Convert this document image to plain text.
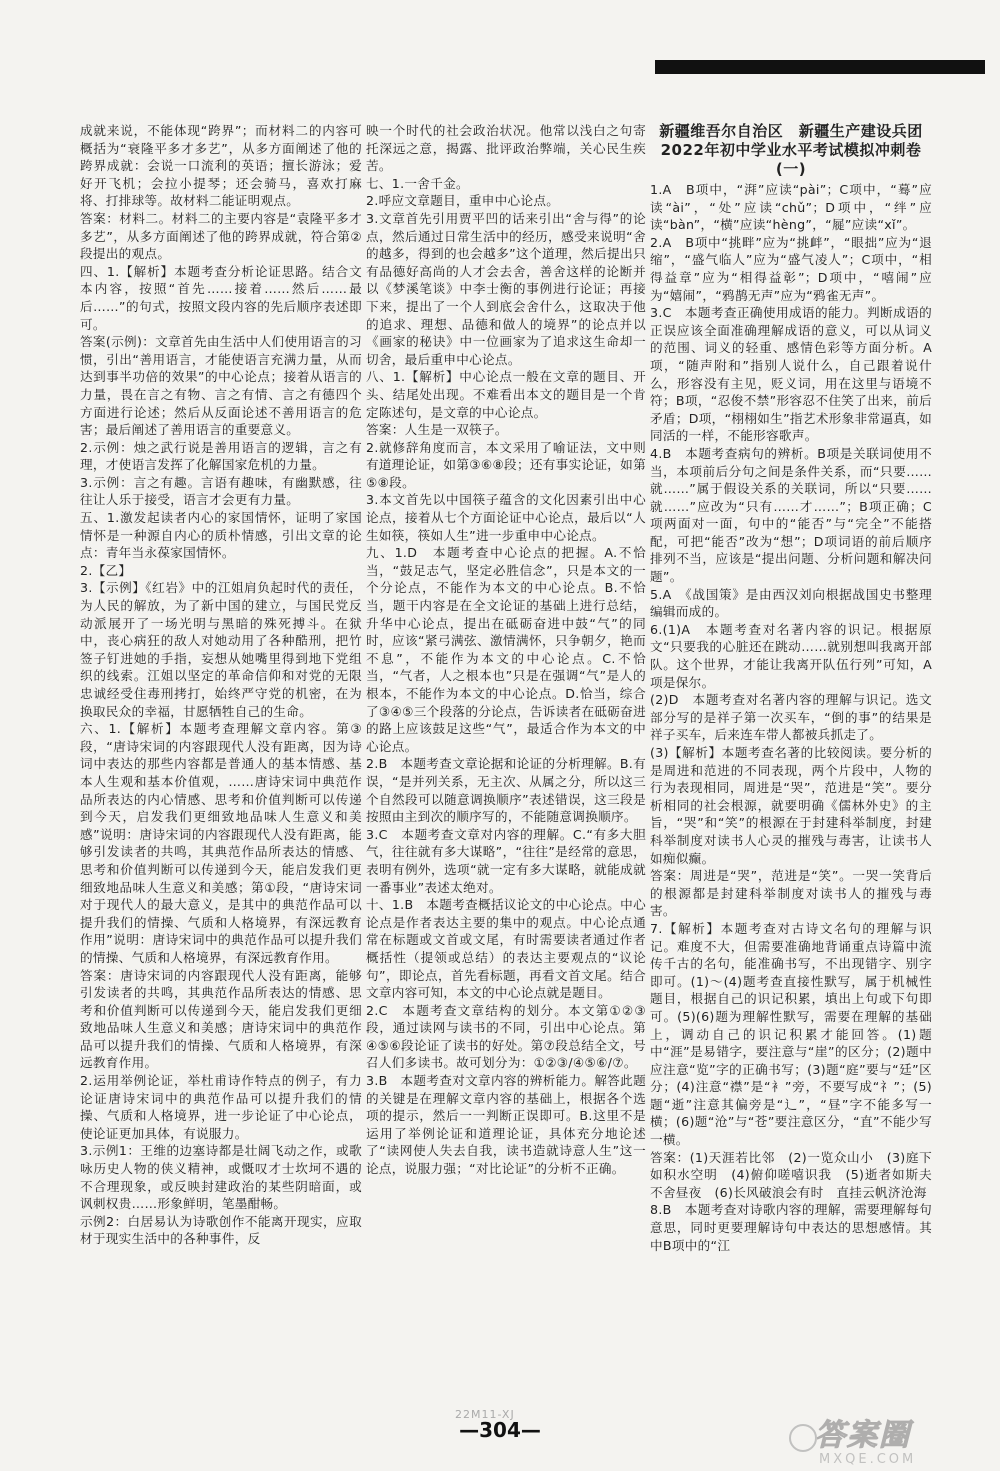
成就来说，不能体现“跨界”；而材料二的内容可概括为“衰隆平多才多艺”，从多方面阐述了他的跨界成就：会说一口流利的英语；擅长游泳；爱好开飞机；会拉小提琴；还会骑马，喜欢打麻将、打排球等。故材料二能证明观点。

答案：材料二。材料二的主要内容是“袁隆平多才多艺”，从多方面阐述了他的跨界成就，符合第②段提出的观点。

四、1.【解析】本题考查分析论证思路。结合文本内容，按照“首先……接着……然后……最后……”的句式，按照文段内容的先后顺序表述即可。

答案(示例)：文章首先由生活中人们使用语言的习惯，引出“善用语言，才能使语言充满力量，从而达到事半功倍的效果”的中心论点；接着从语言的力量，畏在言之有物、言之有情、言之有德四个方面进行论述；然后从反面论述不善用语言的危害；最后阐述了善用语言的重要意义。

2.示例：烛之武行说是善用语言的逻辑，言之有理，才使语言发挥了化解国家危机的力量。

3.示例：言之有趣。言语有趣味，有幽默感，往往让人乐于接受，语言才会更有力量。

五、1.激发起读者内心的家国情怀，证明了家国情怀是一种源自内心的质朴情感，引出文章的论点：青年当永葆家国情怀。

2.【乙】

3.【示例】《红岩》中的江姐肩负起时代的责任，为人民的解放，为了新中国的建立，与国民党反动派展开了一场光明与黑暗的殊死搏斗。在狱中，丧心病狂的敌人对她动用了各种酷刑，把竹签子钉进她的手指，妄想从她嘴里得到地下党组织的线索。江姐以坚定的革命信仰和对党的无限忠诚经受住毒刑拷打，始终严守党的机密，在为换取民众的幸福，甘愿牺牲自己的生命。

六、1.【解析】本题考查理解文章内容。第③段，“唐诗宋词的内容跟现代人没有距离，因为诗词中表达的那些内容都是普通人的基本情感、基本人生观和基本价值观，……唐诗宋词中典范作品所表达的内心情感、思考和价值判断可以传递到今天，启发我们更细致地品味人生意义和美感”说明：唐诗宋词的内容跟现代人没有距离，能够引发读者的共鸣，其典范作品所表达的情感、思考和价值判断可以传递到今天，能启发我们更细致地品味人生意义和美感；第①段，“唐诗宋词对于现代人的最大意义，是其中的典范作品可以提升我们的情操、气质和人格境界，有深远教育作用”说明：唐诗宋词中的典范作品可以提升我们的情操、气质和人格境界，有深远教育作用。

答案：唐诗宋词的内容跟现代人没有距离，能够引发读者的共鸣，其典范作品所表达的情感、思考和价值判断可以传递到今天，能启发我们更细致地品味人生意义和美感；唐诗宋词中的典范作品可以提升我们的情操、气质和人格境界，有深远教育作用。

2.运用举例论证，举杜甫诗作特点的例子，有力论证唐诗宋词中的典范作品可以提升我们的情操、气质和人格境界，进一步论证了中心论点，使论证更加具体，有说服力。

3.示例1：王维的边塞诗都是壮阔飞动之作，或歌咏历史人物的侠义精神，或慨叹才士坎坷不遇的不合理现象，或反映封建政治的某些阴暗面，或讽刺权贵……形象鲜明，笔墨酣畅。

示例2：白居易认为诗歌创作不能离开现实，应取材于现实生活中的各种事件，反

映一个时代的社会政治状况。他常以浅白之句寄托深远之意，揭露、批评政治弊端，关心民生疾苦。

七、1.一舍千金。

2.呼应文章题目，重申中心论点。

3.文章首先引用贾平凹的话来引出“舍与得”的论点，然后通过日常生活中的经历，感受来说明“舍的越多，得到的也会越多”这个道理，然后提出只有品德好高尚的人才会去舍，善舍这样的论断并以《梦溪笔谈》中李士衡的事例进行论证；再接下来，提出了一个人到底会舍什么，这取决于他的追求、理想、品德和做人的境界”的论点并以《画家的秘诀》中一位画家为了追求这生命却一切舍，最后重申中心论点。

八、1.【解析】中心论点一般在文章的题目、开头、结尾处出现。不难看出本文的题目是一个肯定陈述句，是文章的中心论点。

答案：人生是一双筷子。

2.就修辞角度而言，本文采用了喻证法，文中则有道理论证，如第③⑥⑧段；还有事实论证，如第⑤⑧段。

3.本文首先以中国筷子蕴含的文化因素引出中心论点，接着从七个方面论证中心论点，最后以“人生如筷，筷如人生”进一步重申中心论点。

九、1.D　本题考查中心论点的把握。A.不恰当，“鼓足志气，坚定必胜信念”，只是本文的一个分论点，不能作为本文的中心论点。B.不恰当，题干内容是在全文论证的基础上进行总结，升华中心论点，提出在砥砺奋进中鼓“气”的同时，应该“紧弓满弦、激情满怀，只争朝夕，艳而不息”，不能作为本文的中心论点。C.不恰当，“气者，人之根本也”只是在强调“气”是人的根本，不能作为本文的中心论点。D.恰当，综合了③④⑤三个段落的分论点，告诉读者在砥砺奋进的路上应该鼓足这些“气”，最适合作为本文的中心论点。

2.B　本题考查文章论据和论证的分析理解。B.有误，“是并列关系，无主次、从属之分，所以这三个自然段可以随意调换顺序”表述错误，这三段是按照由主到次的顺序写的，不能随意调换顺序。

3.C　本题考查文章对内容的理解。C.“有多大胆气，往往就有多大谋略”，“往往”是经常的意思，表明有例外，选项“就一定有多大谋略，就能成就一番事业”表述太绝对。

十、1.B　本题考查概括议论文的中心论点。中心论点是作者表达主要的集中的观点。中心论点通常在标题或文首或文尾，有时需要读者通过作者概括性（提领或总结）的表达主要观点的“议论句”，即论点，首先看标题，再看文首文尾。结合文章内容可知，本文的中心论点就是题目。

2.C　本题考查文章结构的划分。本文第①②③段，通过读网与读书的不同，引出中心论点。第④⑤⑥段论证了读书的好处。第⑦段总结全文，号召人们多读书。故可划分为：①②③/④⑤⑥/⑦。

3.B　本题考查对文章内容的辨析能力。解答此题的关键是在理解文章内容的基础上，根据各个选项的提示，然后一一判断正误即可。B.这里不是运用了举例论证和道理论证，具体充分地论述了“读网使人失去自我，读书造就诗意人生”这一论点，说服力强；“对比论证”的分析不正确。

新疆维吾尔自治区　新疆生产建设兵团2022年初中学业水平考试模拟冲刺卷(一)

1.A　B项中，“湃”应读“pài”；C项中，“蓦”应读“ài”，“处”应读“chǔ”；D项中，“绊”应读“bàn”，“横”应读“hèng”，“屣”应读“xǐ”。

2.A　B项中“挑畔”应为“挑衅”，“眼拙”应为“退缩”，“盛气临人”应为“盛气凌人”；C项中，“相得益章”应为“相得益彰”；D项中，“嘻闹”应为“嬉闹”，“鸦鹊无声”应为“鸦雀无声”。

3.C　本题考查正确使用成语的能力。判断成语的正误应该全面准确理解成语的意义，可以从词义的范围、词义的轻重、感情色彩等方面分析。A项，“随声附和”指别人说什么，自己跟着说什么，形容没有主见，贬义词，用在这里与语境不符；B项，“忍俊不禁”形容忍不住笑了出来，前后矛盾；D项，“栩栩如生”指艺术形象非常逼真，如同活的一样，不能形容歌声。

4.B　本题考查病句的辨析。B项是关联词使用不当，本项前后分句之间是条件关系，而“只要……就……”属于假设关系的关联词，所以“只要……就……”应改为“只有……才……”；B项正确；C项两面对一面，句中的“能否”与“完全”不能搭配，可把“能否”改为“想”；D项词语的前后顺序排列不当，应该是“提出问题、分析问题和解决问题”。

5.A　《战国策》是由西汉刘向根据战国史书整理编辑而成的。

6.(1)A　本题考查对名著内容的识记。根据原文“只要我的心脏还在跳动……就别想叫我离开部队。这个世界，才能让我离开队伍行列”可知，A项是保尔。

(2)D　本题考查对名著内容的理解与识记。选文部分写的是祥子第一次买车，“倒的事”的结果是祥子买车，后来连车带人都被兵抓走了。

(3)【解析】本题考查名著的比较阅读。要分析的是周进和范进的不同表现，两个片段中，人物的行为表现相同，周进是“哭”，范进是“笑”。要分析相同的社会根源，就要明确《儒林外史》的主旨，“哭”和“笑”的根源在于封建科举制度，封建科举制度对读书人心灵的摧残与毒害，让读书人如痴似癫。

答案：周进是“哭”，范进是“笑”。一哭一笑背后的根源都是封建科举制度对读书人的摧残与毒害。

7.【解析】本题考查对古诗文名句的理解与识记。难度不大，但需要准确地背诵重点诗篇中流传千古的名句，能准确书写，不出现错字、别字即可。(1)～(4)题考查直接性默写，属于机械性题目，根据自己的识记积累，填出上句或下句即可。(5)(6)题为理解性默写，需要在理解的基础上，调动自己的识记积累才能回答。(1)题中“涯”是易错字，要注意与“崖”的区分；(2)题中应注意“览”字的正确书写；(3)题“庭”要与“廷”区分；(4)注意“襟”是“衤”旁，不要写成“礻”；(5)题“逝”注意其偏旁是“辶”，“昼”字不能多写一横；(6)题“沧”与“苍”要注意区分，“直”不能少写一横。

答案：(1)天涯若比邻　(2)一览众山小　(3)庭下如积水空明　(4)俯仰嗟嘻识我　(5)逝者如斯夫　不舍昼夜　(6)长风破浪会有时　直挂云帆济沧海

8.B　本题考查对诗歌内容的理解，需要理解每句意思，同时更要理解诗句中表达的思想感情。其中B项中的“江

22M11-XJ
—304—	答案圈
MXQE.COM
